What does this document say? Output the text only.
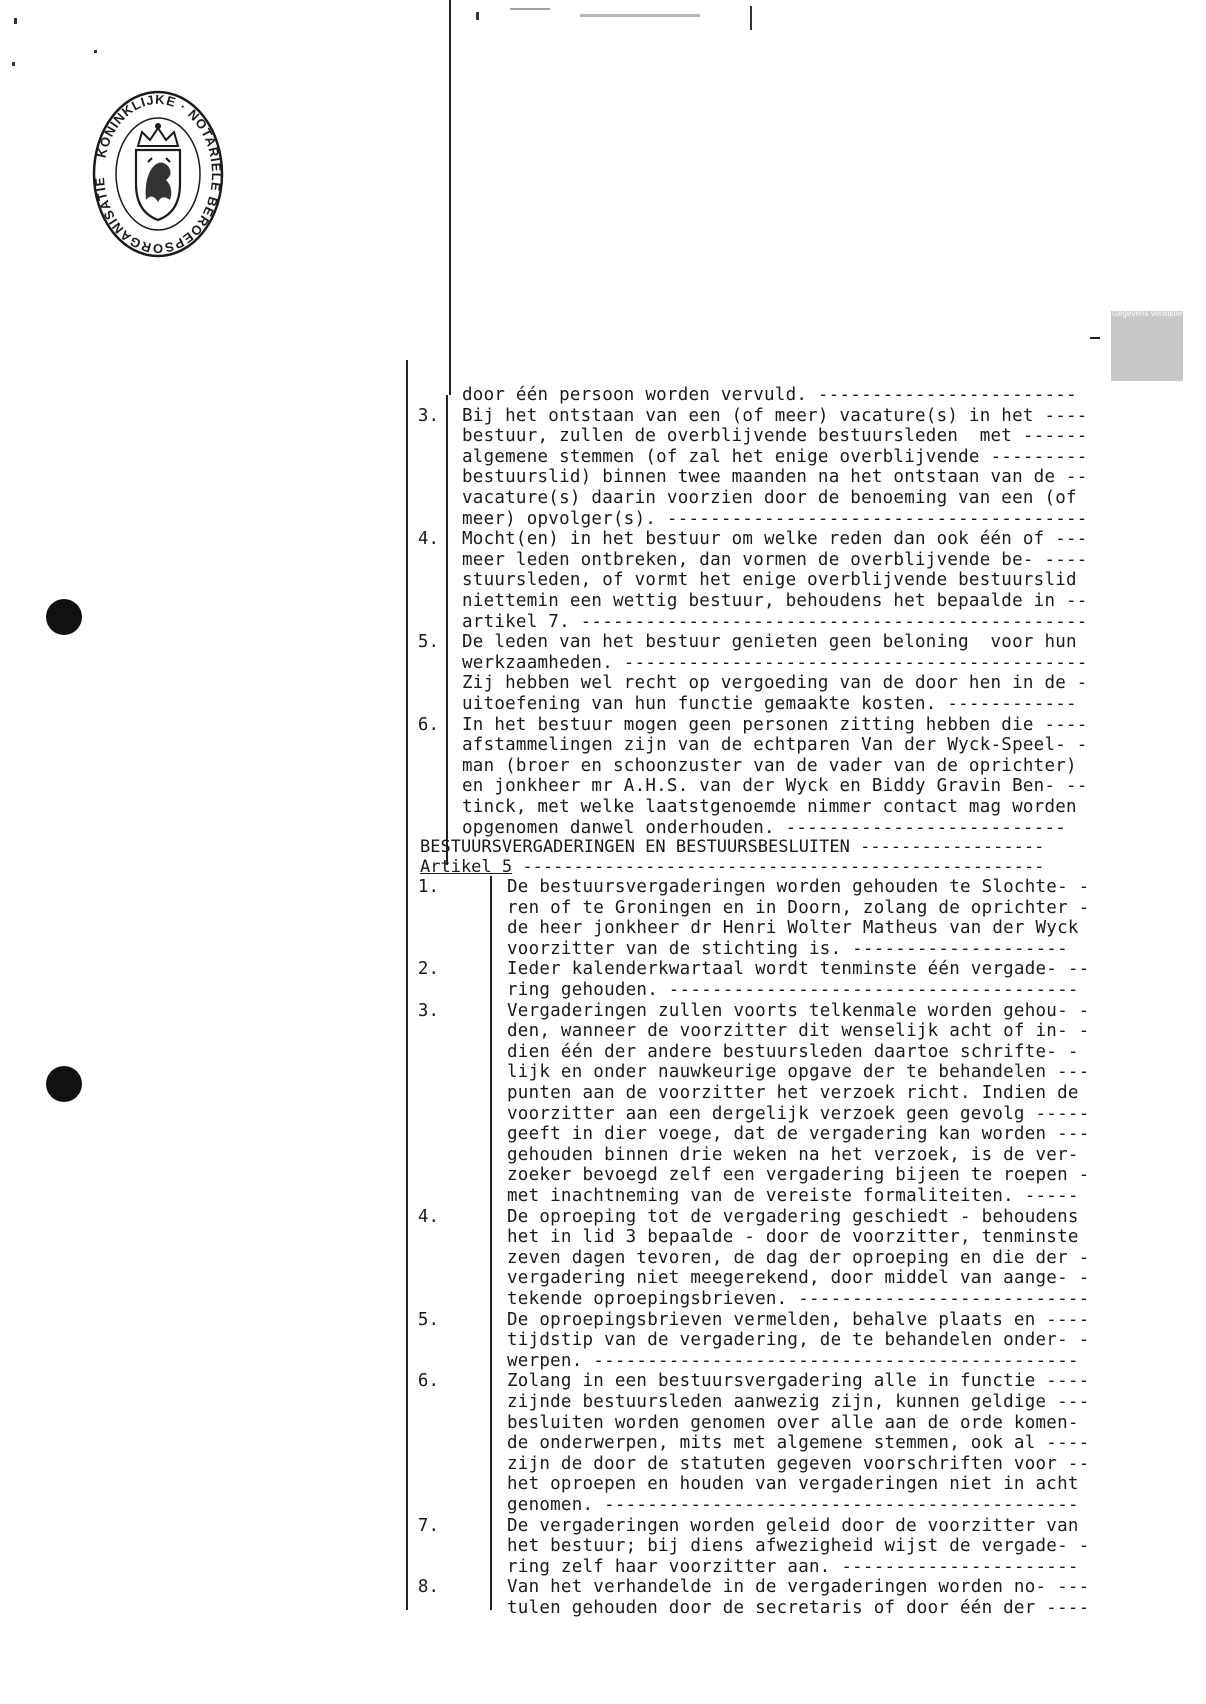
KONINKLIJKE · NOTARIËLE BEROEPSORGANISATIE
Gegevens verwijder
door één persoon worden vervuld. ------------------------
Bij het ontstaan van een (of meer) vacature(s) in het ----
bestuur, zullen de overblijvende bestuursleden  met ------
algemene stemmen (of zal het enige overblijvende ---------
bestuurslid) binnen twee maanden na het ontstaan van de --
vacature(s) daarin voorzien door de benoeming van een (of
meer) opvolger(s). ---------------------------------------
Mocht(en) in het bestuur om welke reden dan ook één of ---
meer leden ontbreken, dan vormen de overblijvende be- ----
stuursleden, of vormt het enige overblijvende bestuurslid
niettemin een wettig bestuur, behoudens het bepaalde in --
artikel 7. -----------------------------------------------
De leden van het bestuur genieten geen beloning  voor hun
werkzaamheden. -------------------------------------------
Zij hebben wel recht op vergoeding van de door hen in de -
uitoefening van hun functie gemaakte kosten. ------------
In het bestuur mogen geen personen zitting hebben die ----
afstammelingen zijn van de echtparen Van der Wyck-Speel- -
man (broer en schoonzuster van de vader van de oprichter)
en jonkheer mr A.H.S. van der Wyck en Biddy Gravin Ben- --
tinck, met welke laatstgenoemde nimmer contact mag worden
opgenomen danwel onderhouden. --------------------------
3.
4.
5.
6.
BESTUURSVERGADERINGEN EN BESTUURSBESLUITEN ------------------
Artikel 5 ---------------------------------------------------
De bestuursvergaderingen worden gehouden te Slochte- -
ren of te Groningen en in Doorn, zolang de oprichter -
de heer jonkheer dr Henri Wolter Matheus van der Wyck
voorzitter van de stichting is. --------------------
Ieder kalenderkwartaal wordt tenminste één vergade- --
ring gehouden. --------------------------------------
Vergaderingen zullen voorts telkenmale worden gehou- -
den, wanneer de voorzitter dit wenselijk acht of in- -
dien één der andere bestuursleden daartoe schrifte- -
lijk en onder nauwkeurige opgave der te behandelen ---
punten aan de voorzitter het verzoek richt. Indien de
voorzitter aan een dergelijk verzoek geen gevolg -----
geeft in dier voege, dat de vergadering kan worden ---
gehouden binnen drie weken na het verzoek, is de ver-
zoeker bevoegd zelf een vergadering bijeen te roepen -
met inachtneming van de vereiste formaliteiten. -----
De oproeping tot de vergadering geschiedt - behoudens
het in lid 3 bepaalde - door de voorzitter, tenminste
zeven dagen tevoren, de dag der oproeping en die der -
vergadering niet meegerekend, door middel van aange- -
tekende oproepingsbrieven. ---------------------------
De oproepingsbrieven vermelden, behalve plaats en ----
tijdstip van de vergadering, de te behandelen onder- -
werpen. ---------------------------------------------
Zolang in een bestuursvergadering alle in functie ----
zijnde bestuursleden aanwezig zijn, kunnen geldige ---
besluiten worden genomen over alle aan de orde komen-
de onderwerpen, mits met algemene stemmen, ook al ----
zijn de door de statuten gegeven voorschriften voor --
het oproepen en houden van vergaderingen niet in acht
genomen. --------------------------------------------
De vergaderingen worden geleid door de voorzitter van
het bestuur; bij diens afwezigheid wijst de vergade- -
ring zelf haar voorzitter aan. ----------------------
Van het verhandelde in de vergaderingen worden no- ---
tulen gehouden door de secretaris of door één der ----
1.
2.
3.
4.
5.
6.
7.
8.
